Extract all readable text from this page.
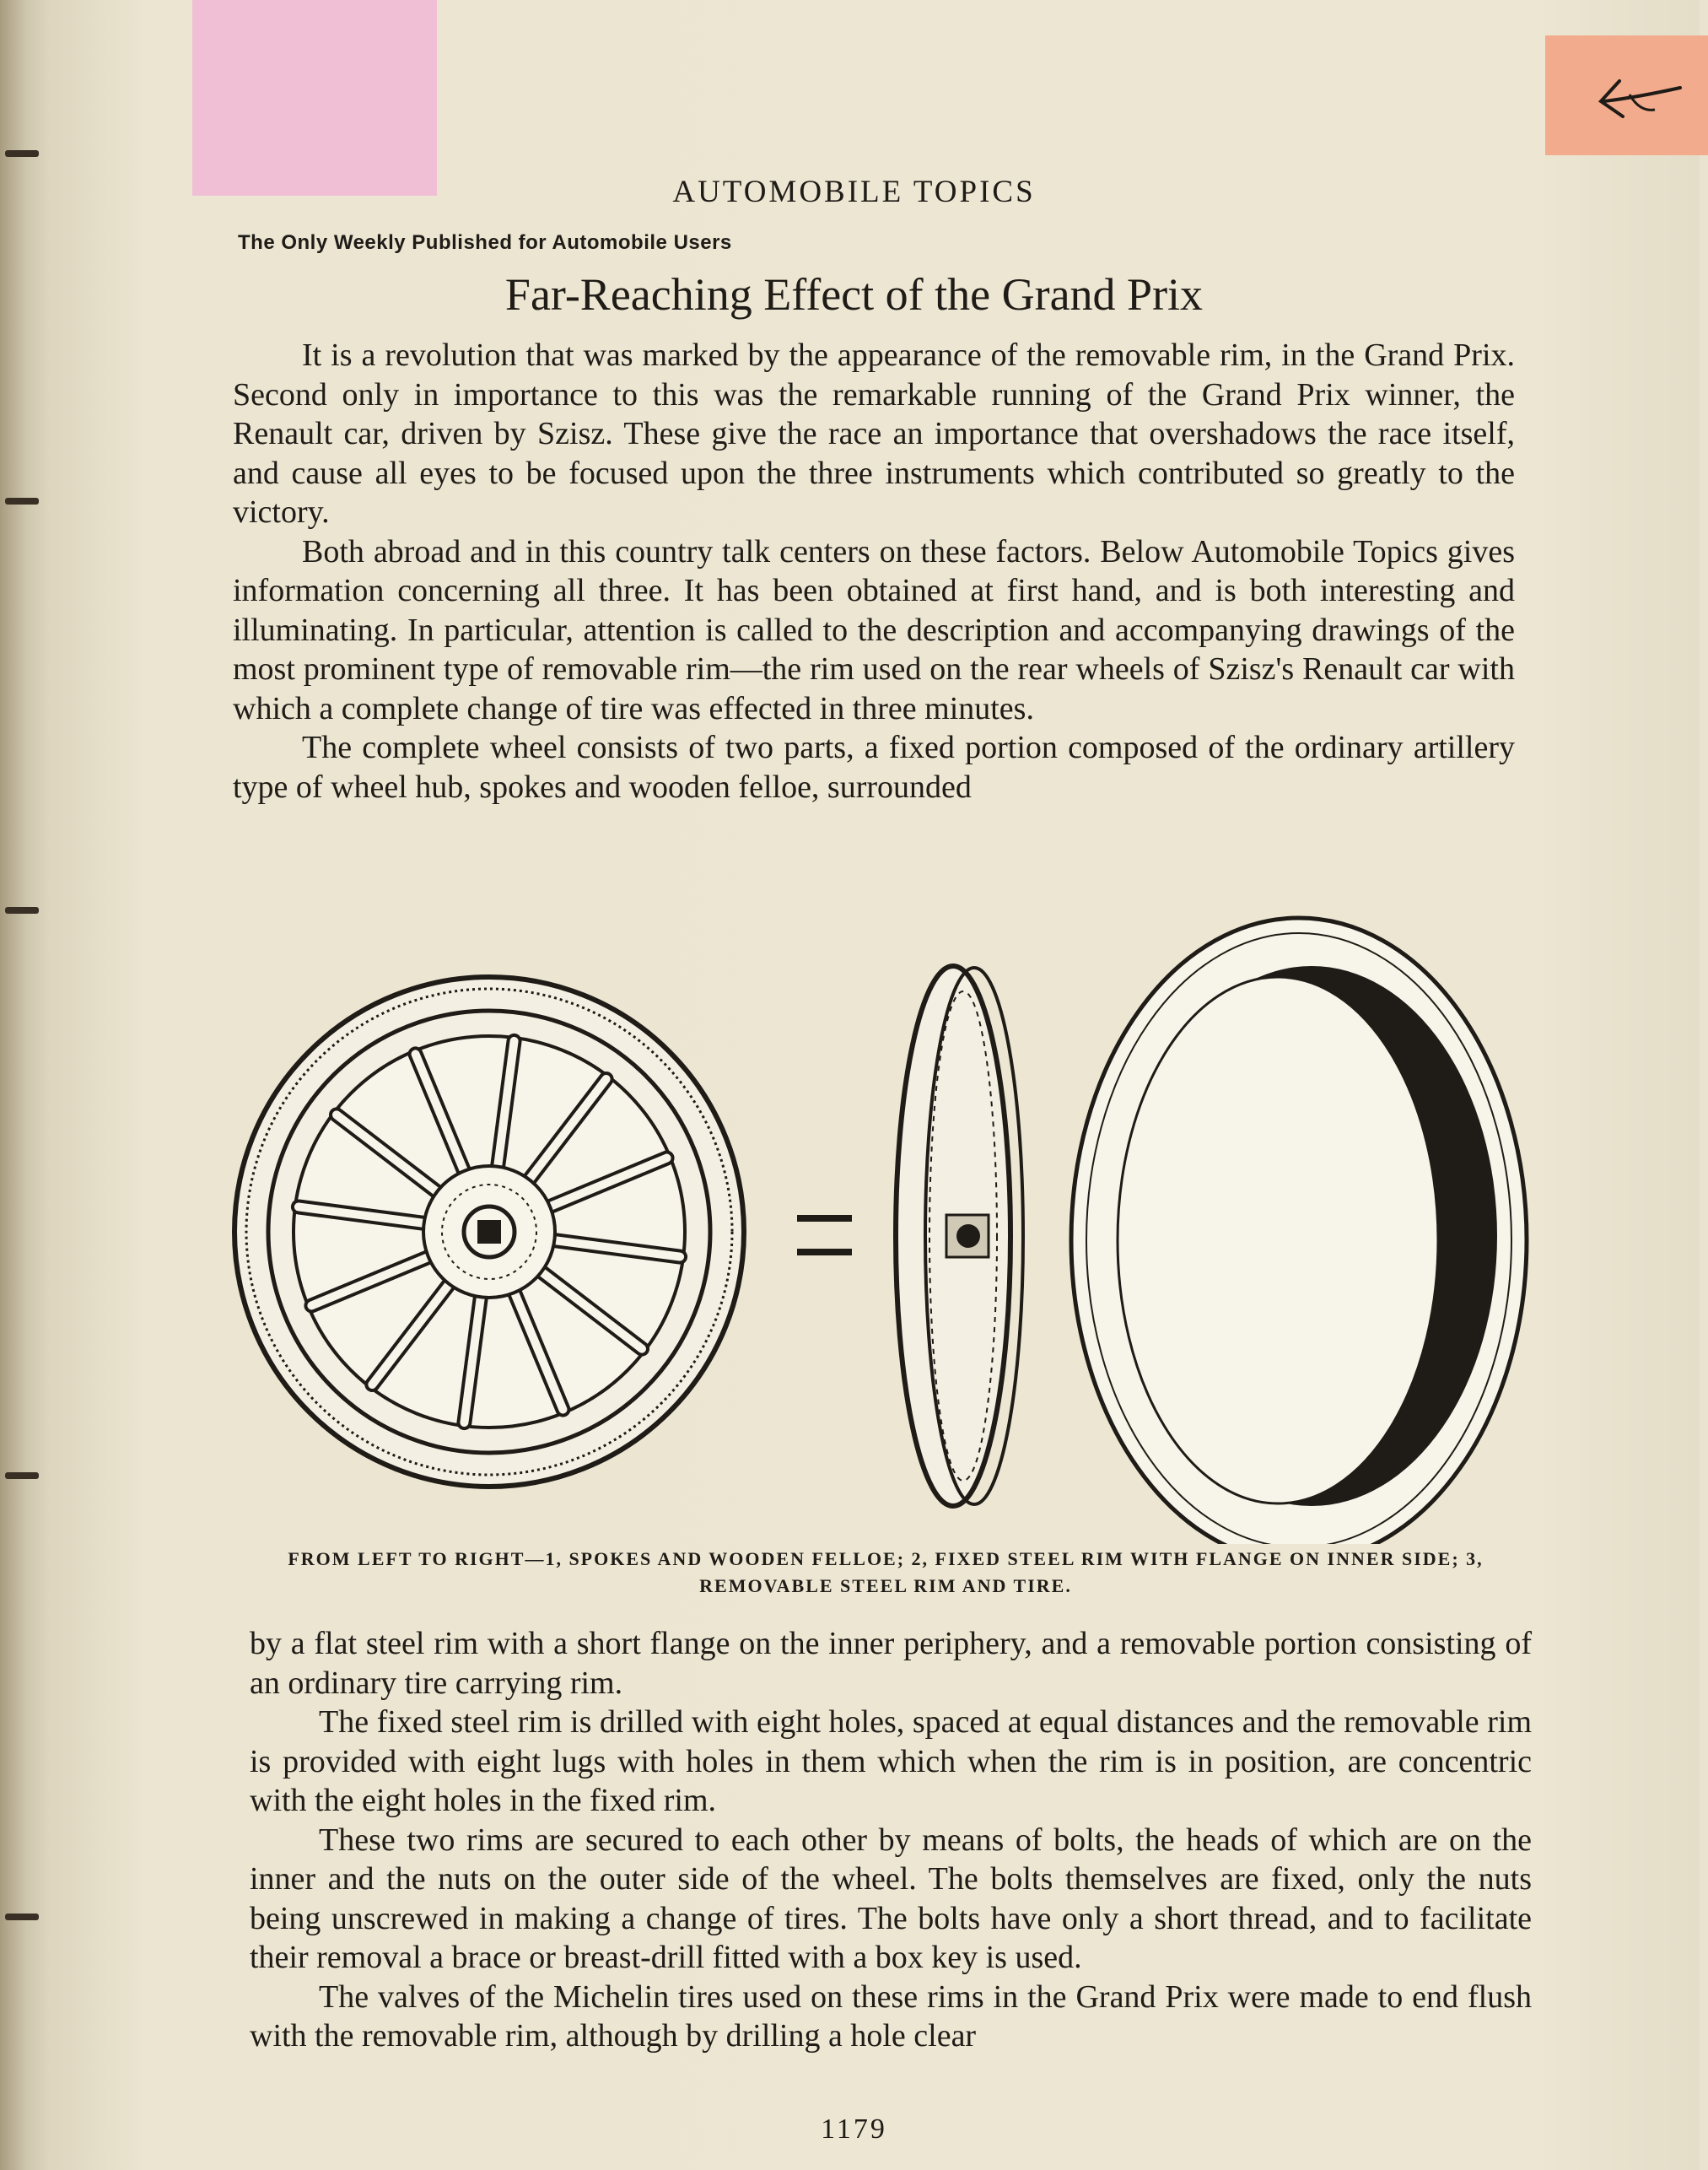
AUTOMOBILE TOPICS
The Only Weekly Published for Automobile Users
Far-Reaching Effect of the Grand Prix

It is a revolution that was marked by the appearance of the removable rim, in the Grand Prix. Second only in importance to this was the remarkable running of the Grand Prix winner, the Renault car, driven by Szisz. These give the race an importance that overshadows the race itself, and cause all eyes to be focused upon the three instruments which contributed so greatly to the victory.

Both abroad and in this country talk centers on these factors. Below Automobile Topics gives information concerning all three. It has been obtained at first hand, and is both interesting and illuminating. In particular, attention is called to the description and accompanying drawings of the most prominent type of removable rim—the rim used on the rear wheels of Szisz's Renault car with which a complete change of tire was effected in three minutes.

The complete wheel consists of two parts, a fixed portion composed of the ordinary artillery type of wheel hub, spokes and wooden felloe, surrounded

FROM LEFT TO RIGHT—1, SPOKES AND WOODEN FELLOE; 2, FIXED STEEL RIM WITH FLANGE ON INNER SIDE; 3, REMOVABLE STEEL RIM AND TIRE.

by a flat steel rim with a short flange on the inner periphery, and a removable portion consisting of an ordinary tire carrying rim.

The fixed steel rim is drilled with eight holes, spaced at equal distances and the removable rim is provided with eight lugs with holes in them which when the rim is in position, are concentric with the eight holes in the fixed rim.

These two rims are secured to each other by means of bolts, the heads of which are on the inner and the nuts on the outer side of the wheel. The bolts themselves are fixed, only the nuts being unscrewed in making a change of tires. The bolts have only a short thread, and to facilitate their removal a brace or breast-drill fitted with a box key is used.

The valves of the Michelin tires used on these rims in the Grand Prix were made to end flush with the removable rim, although by drilling a hole clear

1179
